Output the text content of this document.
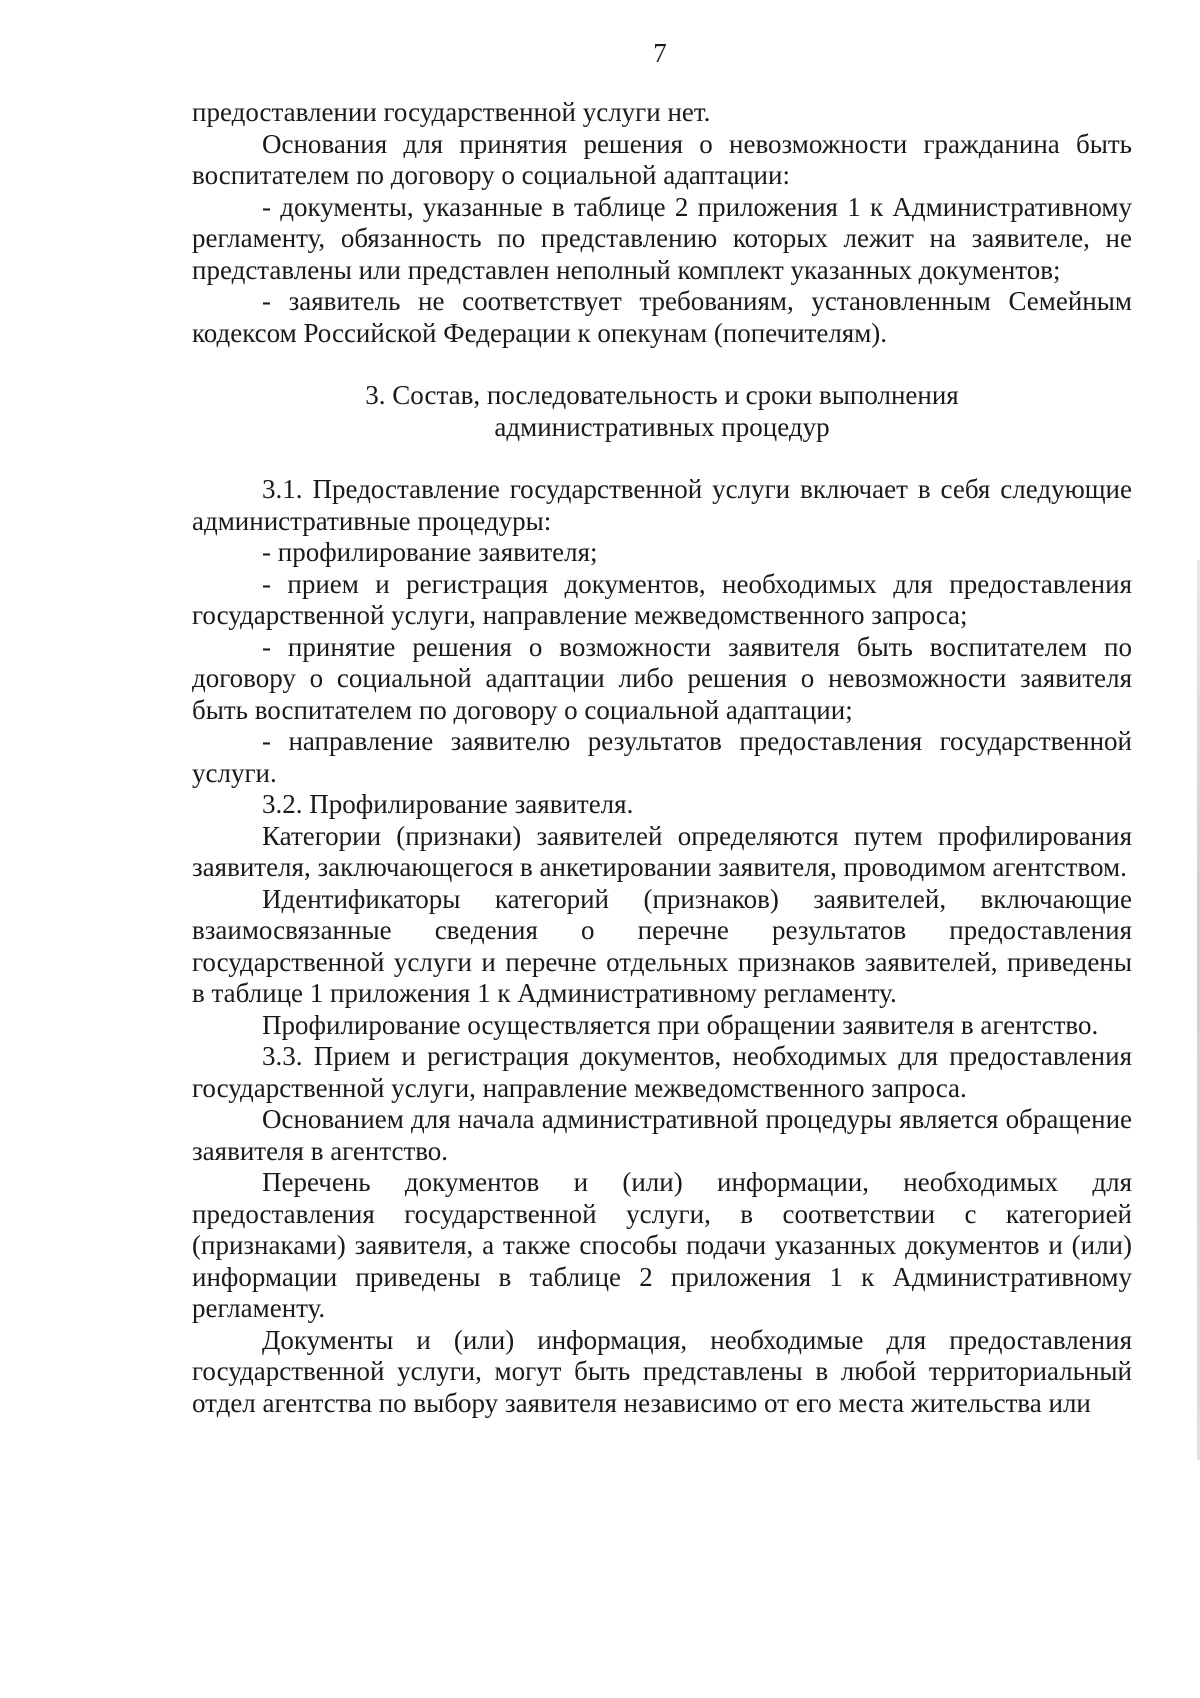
7

предоставлении государственной услуги нет.

Основания для принятия решения о невозможности гражданина быть воспитателем по договору о социальной адаптации:

- документы, указанные в таблице 2 приложения 1 к Административному регламенту, обязанность по представлению которых лежит на заявителе, не представлены или представлен неполный комплект указанных документов;

- заявитель не соответствует требованиям, установленным Семейным кодексом Российской Федерации к опекунам (попечителям).

3. Состав, последовательность и сроки выполнения
административных процедур

3.1. Предоставление государственной услуги включает в себя следующие административные процедуры:

- профилирование заявителя;

- прием и регистрация документов, необходимых для предоставления государственной услуги, направление межведомственного запроса;

- принятие решения о возможности заявителя быть воспитателем по договору о социальной адаптации либо решения о невозможности заявителя быть воспитателем по договору о социальной адаптации;

- направление заявителю результатов предоставления государственной услуги.

3.2. Профилирование заявителя.

Категории (признаки) заявителей определяются путем профилирования заявителя, заключающегося в анкетировании заявителя, проводимом агентством.

Идентификаторы категорий (признаков) заявителей, включающие взаимосвязанные сведения о перечне результатов предоставления государственной услуги и перечне отдельных признаков заявителей, приведены в таблице 1 приложения 1 к Административному регламенту.

Профилирование осуществляется при обращении заявителя в агентство.

3.3. Прием и регистрация документов, необходимых для предоставления государственной услуги, направление межведомственного запроса.

Основанием для начала административной процедуры является обращение заявителя в агентство.

Перечень документов и (или) информации, необходимых для предоставления государственной услуги, в соответствии с категорией (признаками) заявителя, а также способы подачи указанных документов и (или) информации приведены в таблице 2 приложения 1 к Административному регламенту.

Документы и (или) информация, необходимые для предоставления государственной услуги, могут быть представлены в любой территориальный отдел агентства по выбору заявителя независимо от его места жительства или
